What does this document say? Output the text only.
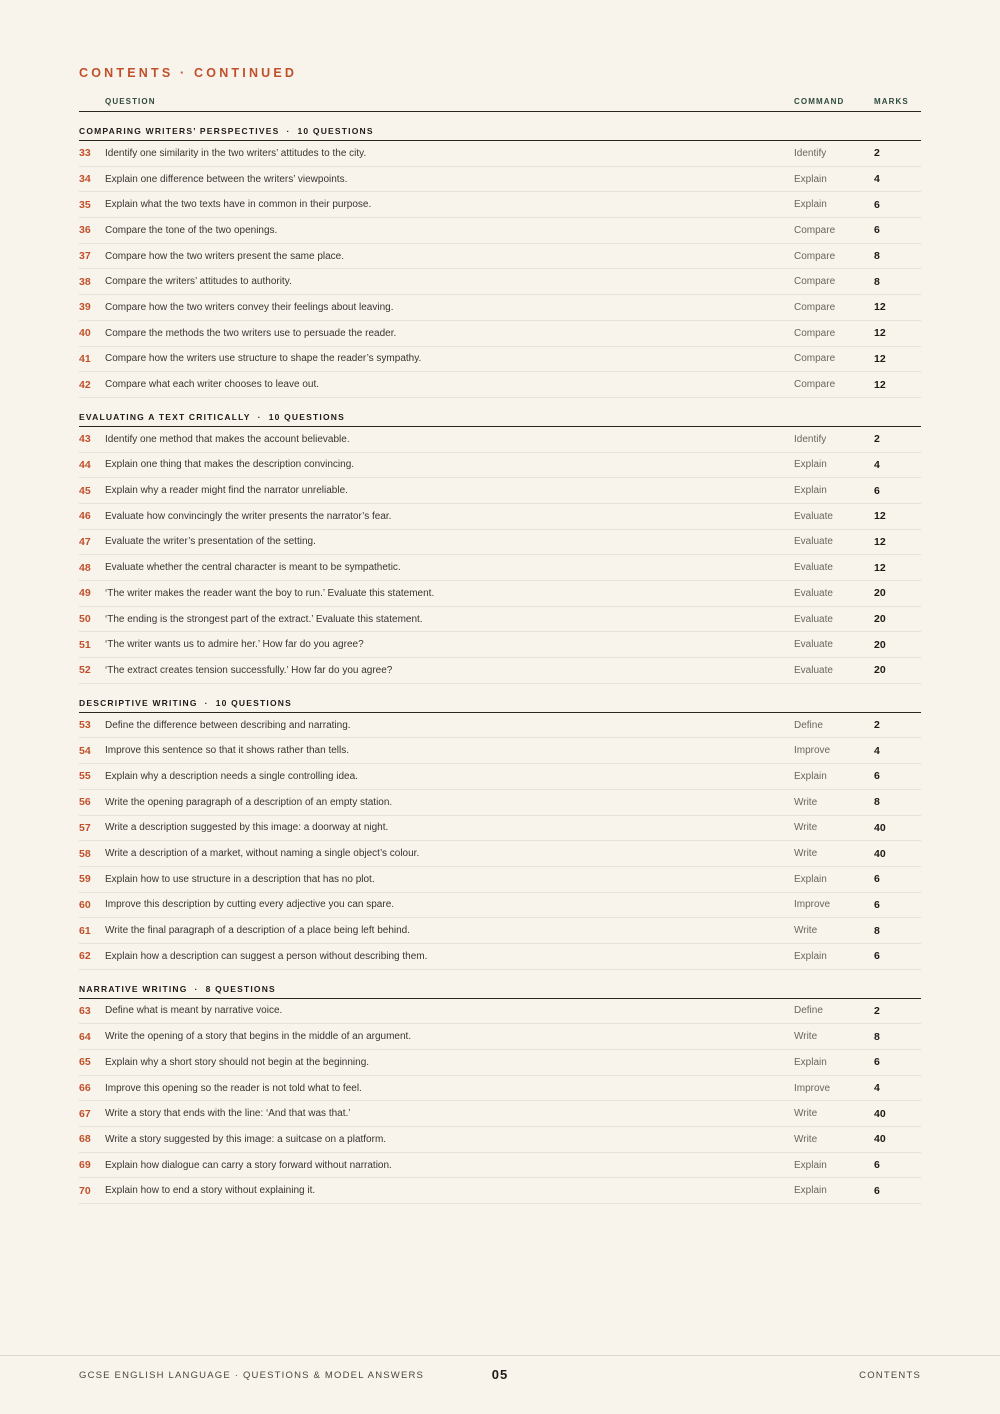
CONTENTS · CONTINUED
QUESTION	COMMAND	MARKS
COMPARING WRITERS’ PERSPECTIVES · 10 QUESTIONS
33	Identify one similarity in the two writers’ attitudes to the city.	Identify	2
34	Explain one difference between the writers’ viewpoints.	Explain	4
35	Explain what the two texts have in common in their purpose.	Explain	6
36	Compare the tone of the two openings.	Compare	6
37	Compare how the two writers present the same place.	Compare	8
38	Compare the writers’ attitudes to authority.	Compare	8
39	Compare how the two writers convey their feelings about leaving.	Compare	12
40	Compare the methods the two writers use to persuade the reader.	Compare	12
41	Compare how the writers use structure to shape the reader’s sympathy.	Compare	12
42	Compare what each writer chooses to leave out.	Compare	12
EVALUATING A TEXT CRITICALLY · 10 QUESTIONS
43	Identify one method that makes the account believable.	Identify	2
44	Explain one thing that makes the description convincing.	Explain	4
45	Explain why a reader might find the narrator unreliable.	Explain	6
46	Evaluate how convincingly the writer presents the narrator’s fear.	Evaluate	12
47	Evaluate the writer’s presentation of the setting.	Evaluate	12
48	Evaluate whether the central character is meant to be sympathetic.	Evaluate	12
49	‘The writer makes the reader want the boy to run.’ Evaluate this statement.	Evaluate	20
50	‘The ending is the strongest part of the extract.’ Evaluate this statement.	Evaluate	20
51	‘The writer wants us to admire her.’ How far do you agree?	Evaluate	20
52	‘The extract creates tension successfully.’ How far do you agree?	Evaluate	20
DESCRIPTIVE WRITING · 10 QUESTIONS
53	Define the difference between describing and narrating.	Define	2
54	Improve this sentence so that it shows rather than tells.	Improve	4
55	Explain why a description needs a single controlling idea.	Explain	6
56	Write the opening paragraph of a description of an empty station.	Write	8
57	Write a description suggested by this image: a doorway at night.	Write	40
58	Write a description of a market, without naming a single object’s colour.	Write	40
59	Explain how to use structure in a description that has no plot.	Explain	6
60	Improve this description by cutting every adjective you can spare.	Improve	6
61	Write the final paragraph of a description of a place being left behind.	Write	8
62	Explain how a description can suggest a person without describing them.	Explain	6
NARRATIVE WRITING · 8 QUESTIONS
63	Define what is meant by narrative voice.	Define	2
64	Write the opening of a story that begins in the middle of an argument.	Write	8
65	Explain why a short story should not begin at the beginning.	Explain	6
66	Improve this opening so the reader is not told what to feel.	Improve	4
67	Write a story that ends with the line: ‘And that was that.’	Write	40
68	Write a story suggested by this image: a suitcase on a platform.	Write	40
69	Explain how dialogue can carry a story forward without narration.	Explain	6
70	Explain how to end a story without explaining it.	Explain	6
GCSE ENGLISH LANGUAGE · QUESTIONS & MODEL ANSWERS	05	CONTENTS
